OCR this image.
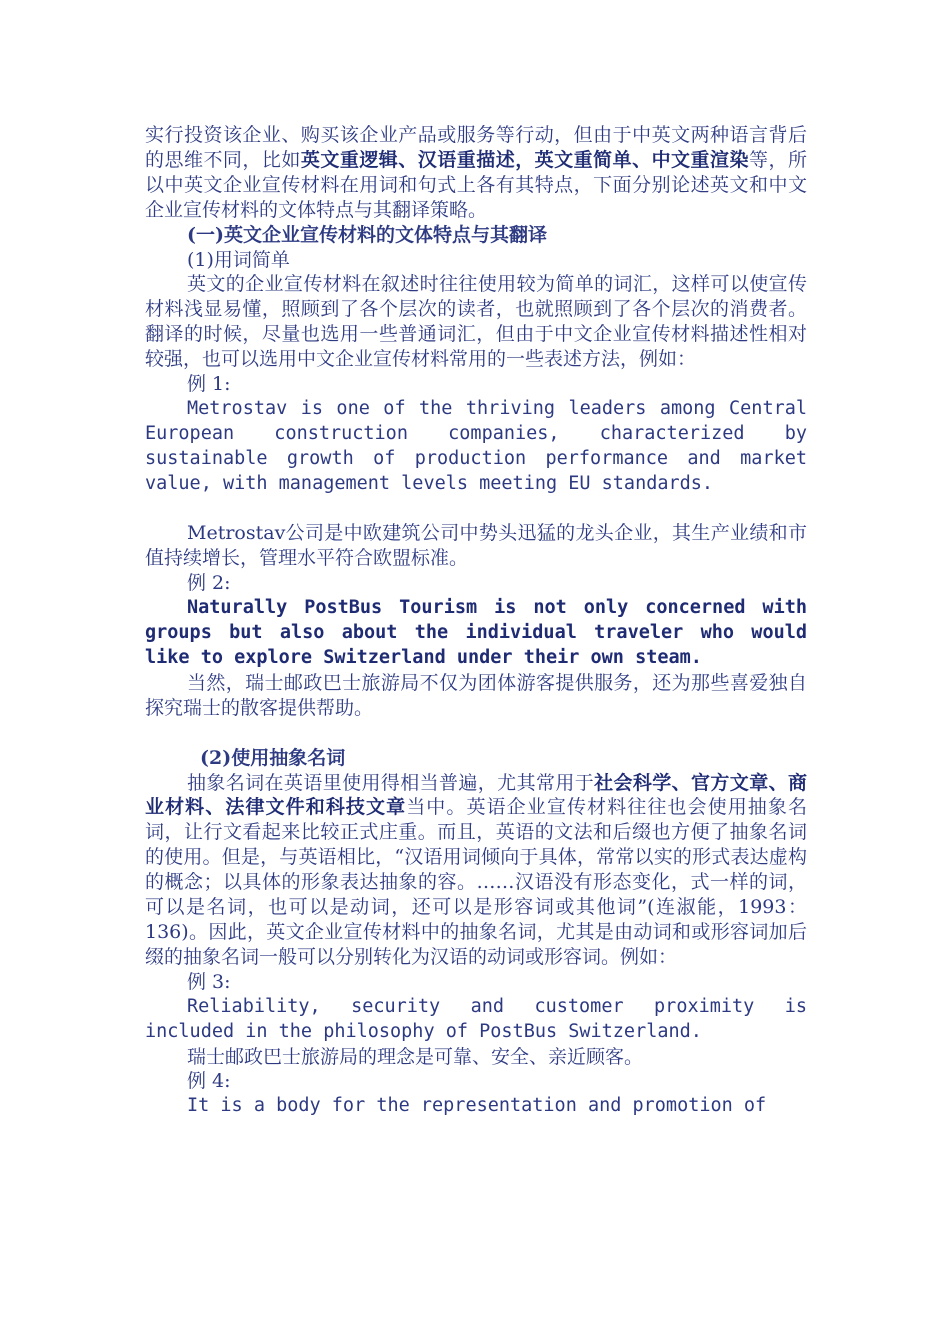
实行投资该企业、购买该企业产品或服务等行动，但由于中英文两种语言背后的思维不同，比如英文重逻辑、汉语重描述，英文重简单、中文重渲染等，所以中英文企业宣传材料在用词和句式上各有其特点，下面分别论述英文和中文企业宣传材料的文体特点与其翻译策略。

(一)英文企业宣传材料的文体特点与其翻译

(1)用词简单

英文的企业宣传材料在叙述时往往使用较为简单的词汇，这样可以使宣传材料浅显易懂，照顾到了各个层次的读者，也就照顾到了各个层次的消费者。翻译的时候，尽量也选用一些普通词汇，但由于中文企业宣传材料描述性相对较强，也可以选用中文企业宣传材料常用的一些表述方法，例如：

例 1:

Metrostav is one of the thriving leaders among Central European construction companies, characterized by sustainable growth of production performance and market value, with management levels meeting EU standards.

Metrostav公司是中欧建筑公司中势头迅猛的龙头企业，其生产业绩和市值持续增长，管理水平符合欧盟标准。

例 2:

Naturally PostBus Tourism is not only concerned with groups but also about the individual traveler who would like to explore Switzerland under their own steam.

当然，瑞士邮政巴士旅游局不仅为团体游客提供服务，还为那些喜爱独自探究瑞士的散客提供帮助。

(2)使用抽象名词

抽象名词在英语里使用得相当普遍，尤其常用于社会科学、官方文章、商业材料、法律文件和科技文章当中。英语企业宣传材料往往也会使用抽象名词，让行文看起来比较正式庄重。而且，英语的文法和后缀也方便了抽象名词的使用。但是，与英语相比，“汉语用词倾向于具体，常常以实的形式表达虚构的概念；以具体的形象表达抽象的容。……汉语没有形态变化，式一样的词，可以是名词，也可以是动词，还可以是形容词或其他词”(连淑能，1993：136)。因此，英文企业宣传材料中的抽象名词，尤其是由动词和或形容词加后缀的抽象名词一般可以分别转化为汉语的动词或形容词。例如：

例 3:

Reliability, security and customer proximity is included in the philosophy of PostBus Switzerland.

瑞士邮政巴士旅游局的理念是可靠、安全、亲近顾客。

例 4:

It is a body for the representation and promotion of
